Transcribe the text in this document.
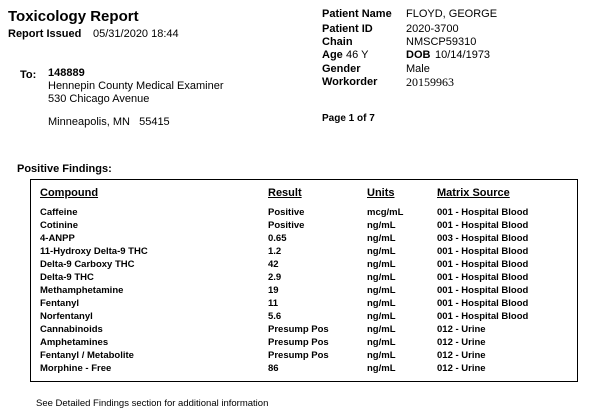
Toxicology Report
Report Issued 05/31/2020 18:44
Patient Name FLOYD, GEORGE
Patient ID	2020-3700
Chain	NMSCP59310
Age 46 Y	DOB 10/14/1973
Gender	Male
Workorder 20159963
To: 148889
Hennepin County Medical Examiner
530 Chicago Avenue
Minneapolis, MN   55415	Page 1 of 7
Positive Findings:
Compound	Result	Units	Matrix Source
Caffeine	Positive	mcg/mL	001 - Hospital Blood
Cotinine	Positive	ng/mL	001 - Hospital Blood
4-ANPP	0.65	ng/mL	003 - Hospital Blood
11-Hydroxy Delta-9 THC	1.2	ng/mL	001 - Hospital Blood
Delta-9 Carboxy THC	42	ng/mL	001 - Hospital Blood
Delta-9 THC	2.9	ng/mL	001 - Hospital Blood
Methamphetamine	19	ng/mL	001 - Hospital Blood
Fentanyl	11	ng/mL	001 - Hospital Blood
Norfentanyl	5.6	ng/mL	001 - Hospital Blood
Cannabinoids	Presump Pos	ng/mL	012 - Urine
Amphetamines	Presump Pos	ng/mL	012 - Urine
Fentanyl / Metabolite	Presump Pos	ng/mL	012 - Urine
Morphine - Free	86	ng/mL	012 - Urine
See Detailed Findings section for additional information
